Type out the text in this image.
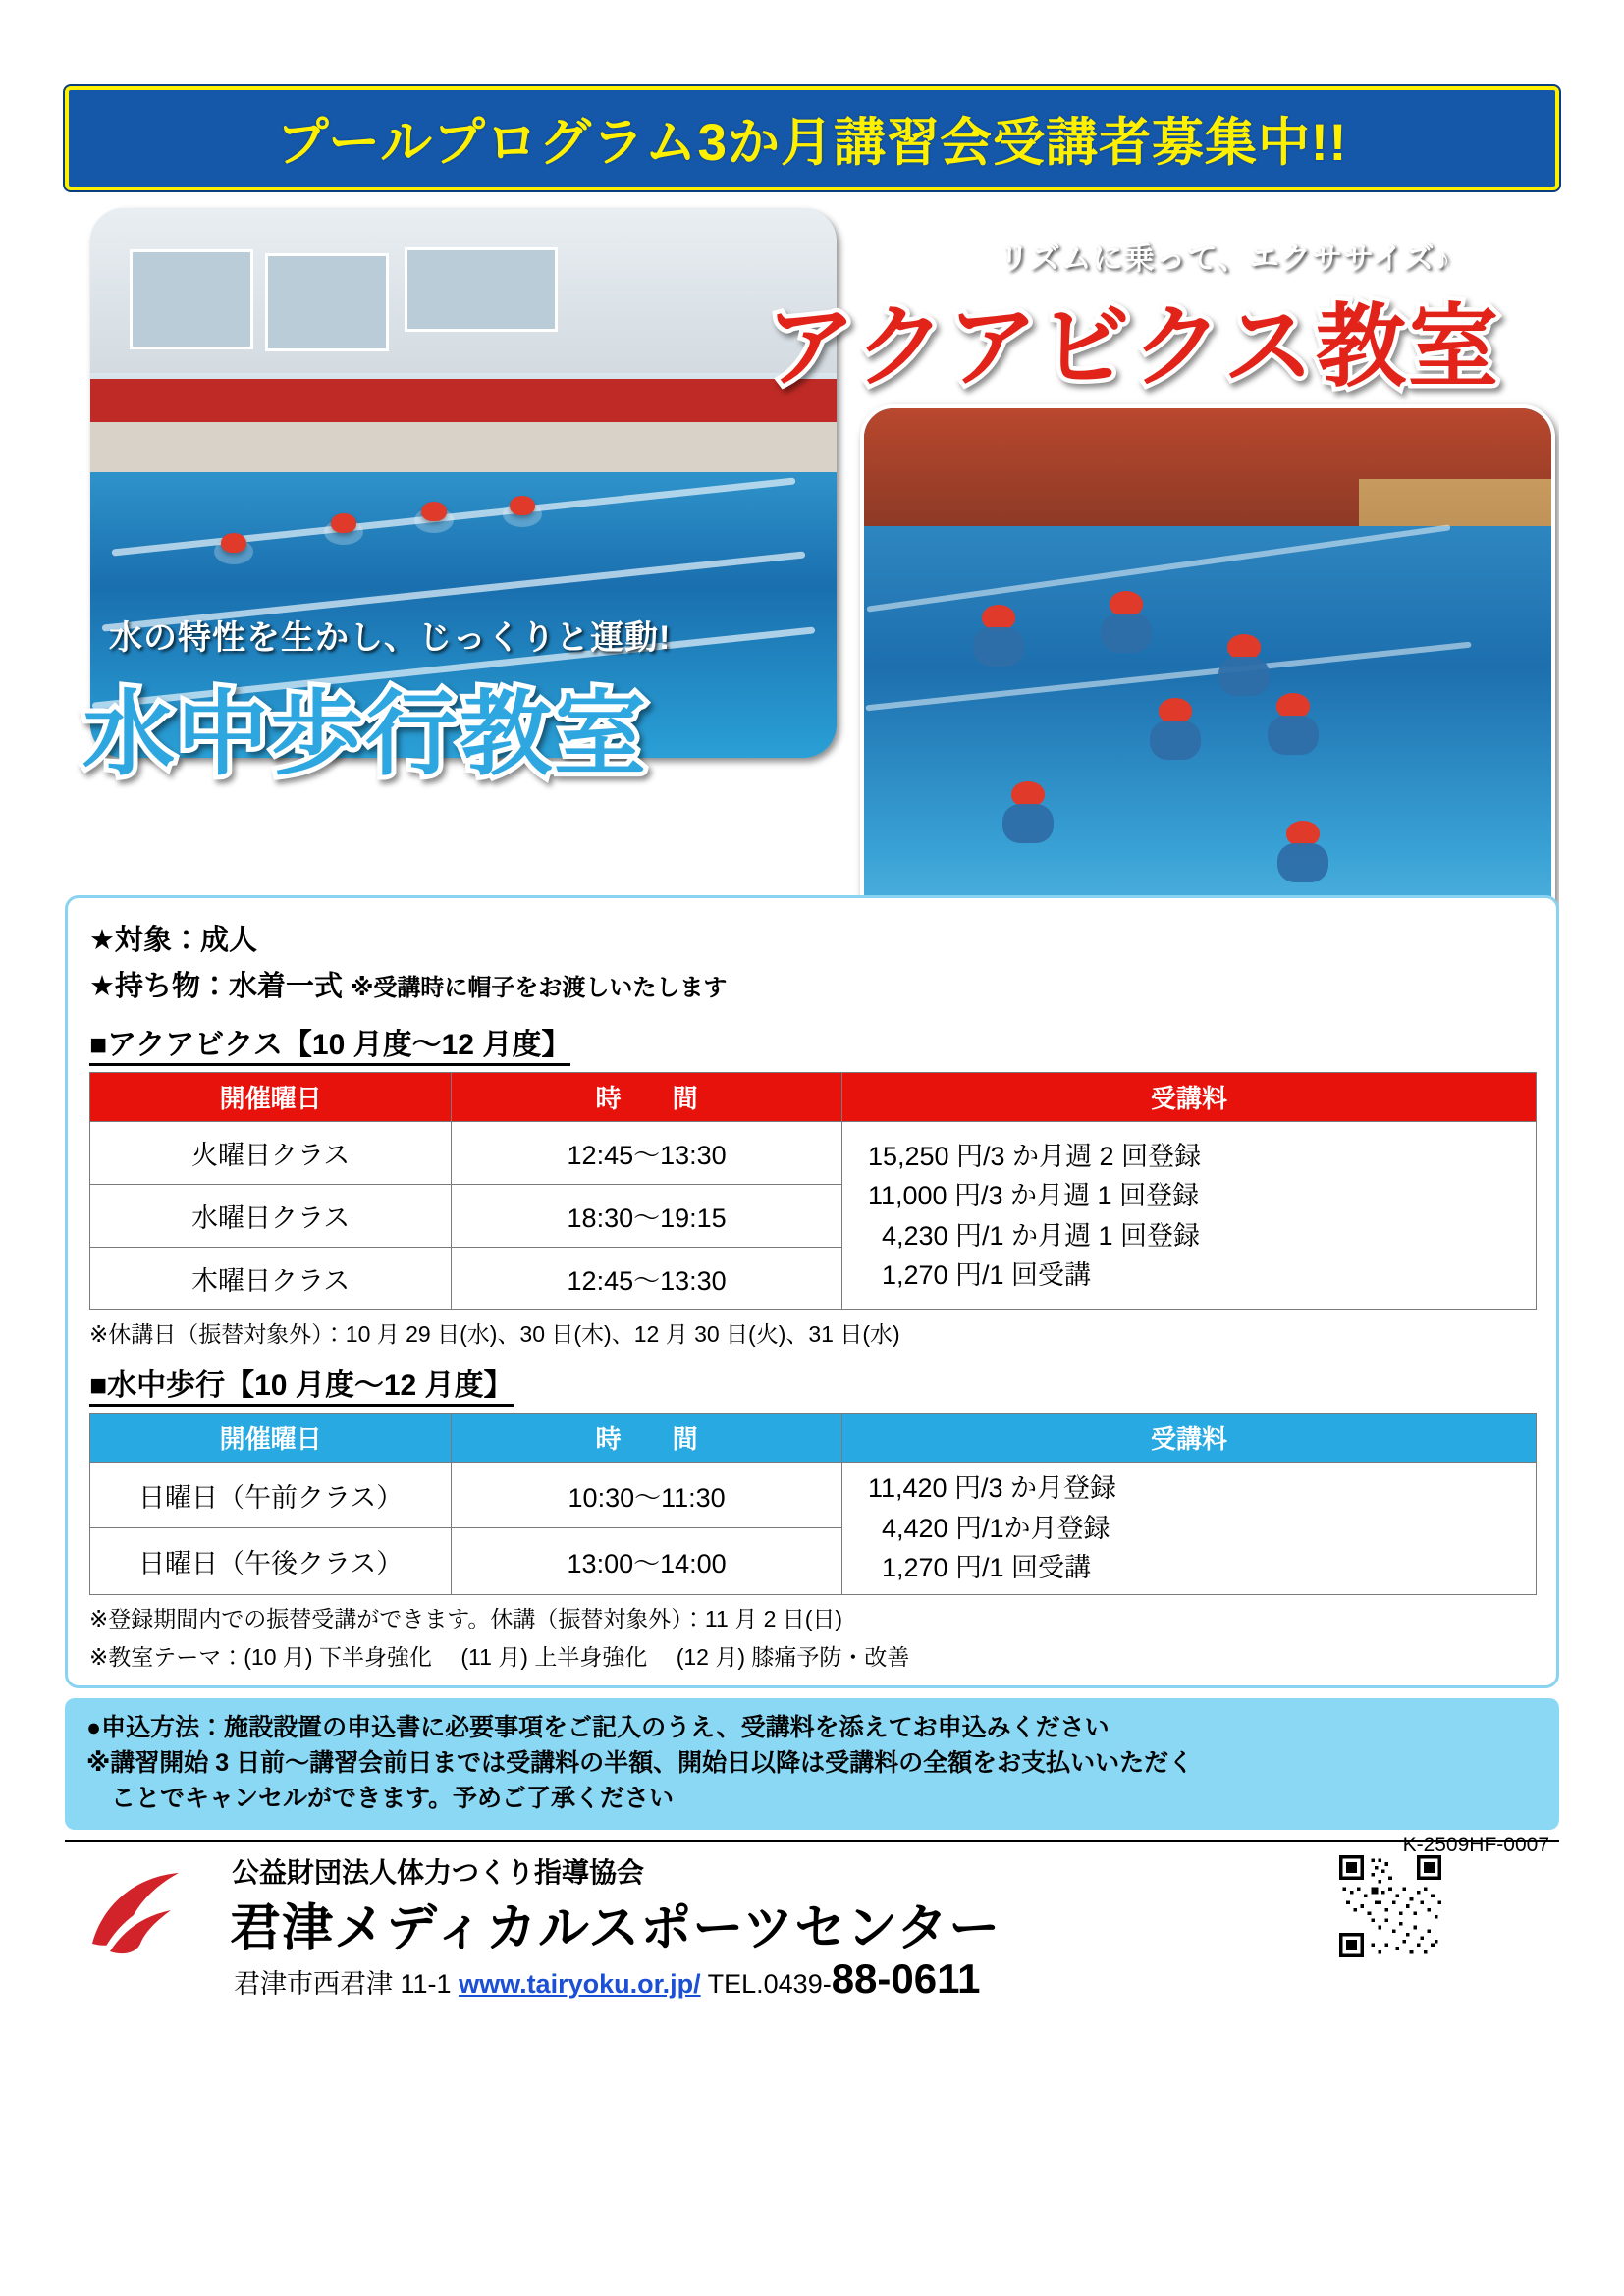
プールプログラム3か月講習会受講者募集中!!
リズムに乗って、エクササイズ♪
アクアビクス教室
水の特性を生かし、じっくりと運動!
水中歩行教室
★対象：成人
★持ち物：水着一式 ※受講時に帽子をお渡しいたします
■アクアビクス【10 月度～12 月度】
開催曜日	時　　間	受講料
火曜日クラス	12:45～13:30	15,250 円/3 か月週 2 回登録
11,000 円/3 か月週 1 回登録
4,230 円/1 か月週 1 回登録
1,270 円/1 回受講

水曜日クラス	18:30～19:15	
木曜日クラス	12:45～13:30	
※休講日（振替対象外）：10 月 29 日(水)、30 日(木)、12 月 30 日(火)、31 日(水)
■水中歩行【10 月度～12 月度】
開催曜日	時　　間	受講料
日曜日（午前クラス）	10:30～11:30	11,420 円/3 か月登録
4,420 円/1か月登録
1,270 円/1 回受講

日曜日（午後クラス）	13:00～14:00	
※登録期間内での振替受講ができます。休講（振替対象外）：11 月 2 日(日)
※教室テーマ：(10 月) 下半身強化　 (11 月) 上半身強化　 (12 月) 膝痛予防・改善
●申込方法：施設設置の申込書に必要事項をご記入のうえ、受講料を添えてお申込みください
※講習開始 3 日前～講習会前日までは受講料の半額、開始日以降は受講料の全額をお支払いいただく
　ことでキャンセルができます。予めご了承ください
公益財団法人体力つくり指導協会
君津メディカルスポーツセンター
君津市西君津 11-1 www.tairyoku.or.jp/ TEL.0439-88-0611
K-2509HF-0007
